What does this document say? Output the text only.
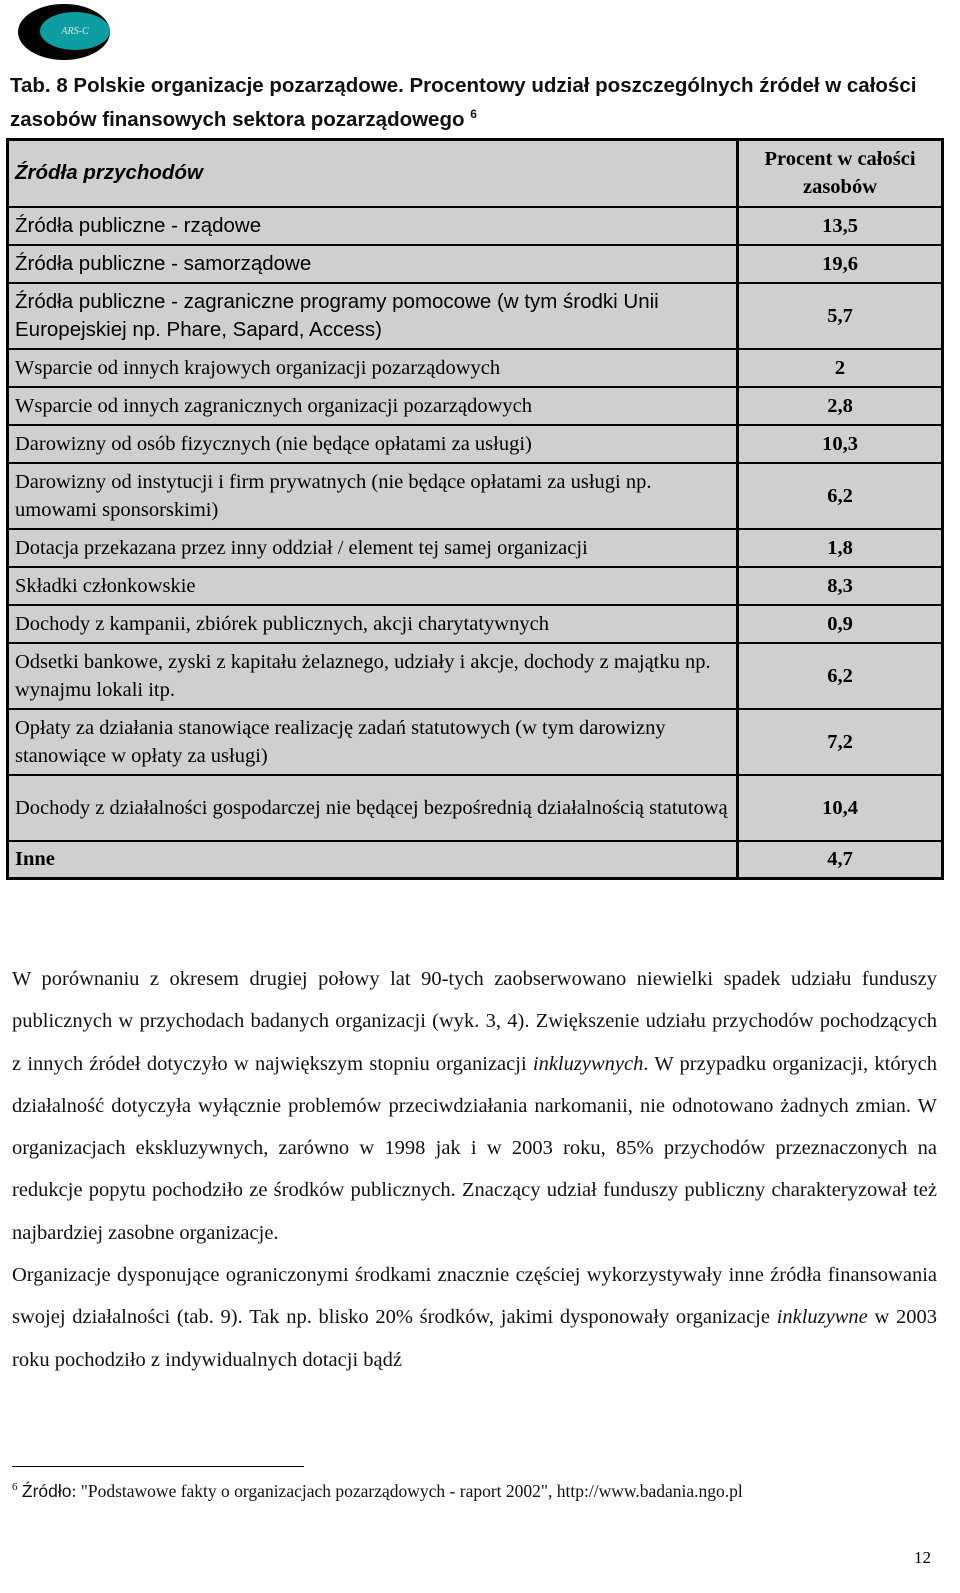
ARS-C
Tab. 8 Polskie organizacje pozarządowe. Procentowy udział poszczególnych źródeł w całości zasobów finansowych sektora pozarządowego $^6$
Źródła przychodów	Procent w całości zasobów
Źródła publiczne - rządowe	13,5
Źródła publiczne - samorządowe	19,6
Źródła publiczne - zagraniczne programy pomocowe (w tym środki Unii Europejskiej np. Phare, Sapard, Access)	5,7
Wsparcie od innych krajowych organizacji pozarządowych	2
Wsparcie od innych zagranicznych organizacji pozarządowych	2,8
Darowizny od osób fizycznych (nie będące opłatami za usługi)	10,3
Darowizny od instytucji i firm prywatnych (nie będące opłatami za usługi np. umowami sponsorskimi)	6,2
Dotacja przekazana przez inny oddział / element tej samej organizacji	1,8
Składki członkowskie	8,3
Dochody z kampanii, zbiórek publicznych, akcji charytatywnych	0,9
Odsetki bankowe, zyski z kapitału żelaznego, udziały i akcje, dochody z majątku np. wynajmu lokali itp.	6,2
Opłaty za działania stanowiące realizację zadań statutowych (w tym darowizny stanowiące w opłaty za usługi)	7,2
Dochody z działalności gospodarczej nie będącej bezpośrednią działalnością statutową	10,4
Inne	4,7

W porównaniu z okresem drugiej połowy lat 90-tych zaobserwowano niewielki spadek udziału funduszy publicznych w przychodach badanych organizacji (wyk. 3, 4). Zwiększenie udziału przychodów pochodzących z innych źródeł dotyczyło w największym stopniu organizacji inkluzywnych. W przypadku organizacji, których działalność dotyczyła wyłącznie problemów przeciwdziałania narkomanii, nie odnotowano żadnych zmian. W organizacjach ekskluzywnych, zarówno w 1998 jak i w 2003 roku, 85% przychodów przeznaczonych na redukcje popytu pochodziło ze środków publicznych. Znaczący udział funduszy publiczny charakteryzował też najbardziej zasobne organizacje.

Organizacje dysponujące ograniczonymi środkami znacznie częściej wykorzystywały inne źródła finansowania swojej działalności (tab. 9). Tak np. blisko 20% środków, jakimi dysponowały organizacje inkluzywne w 2003 roku pochodziło z indywidualnych dotacji bądź

$^6$ Źródło: "Podstawowe fakty o organizacjach pozarządowych - raport 2002", http://www.badania.ngo.pl
12
